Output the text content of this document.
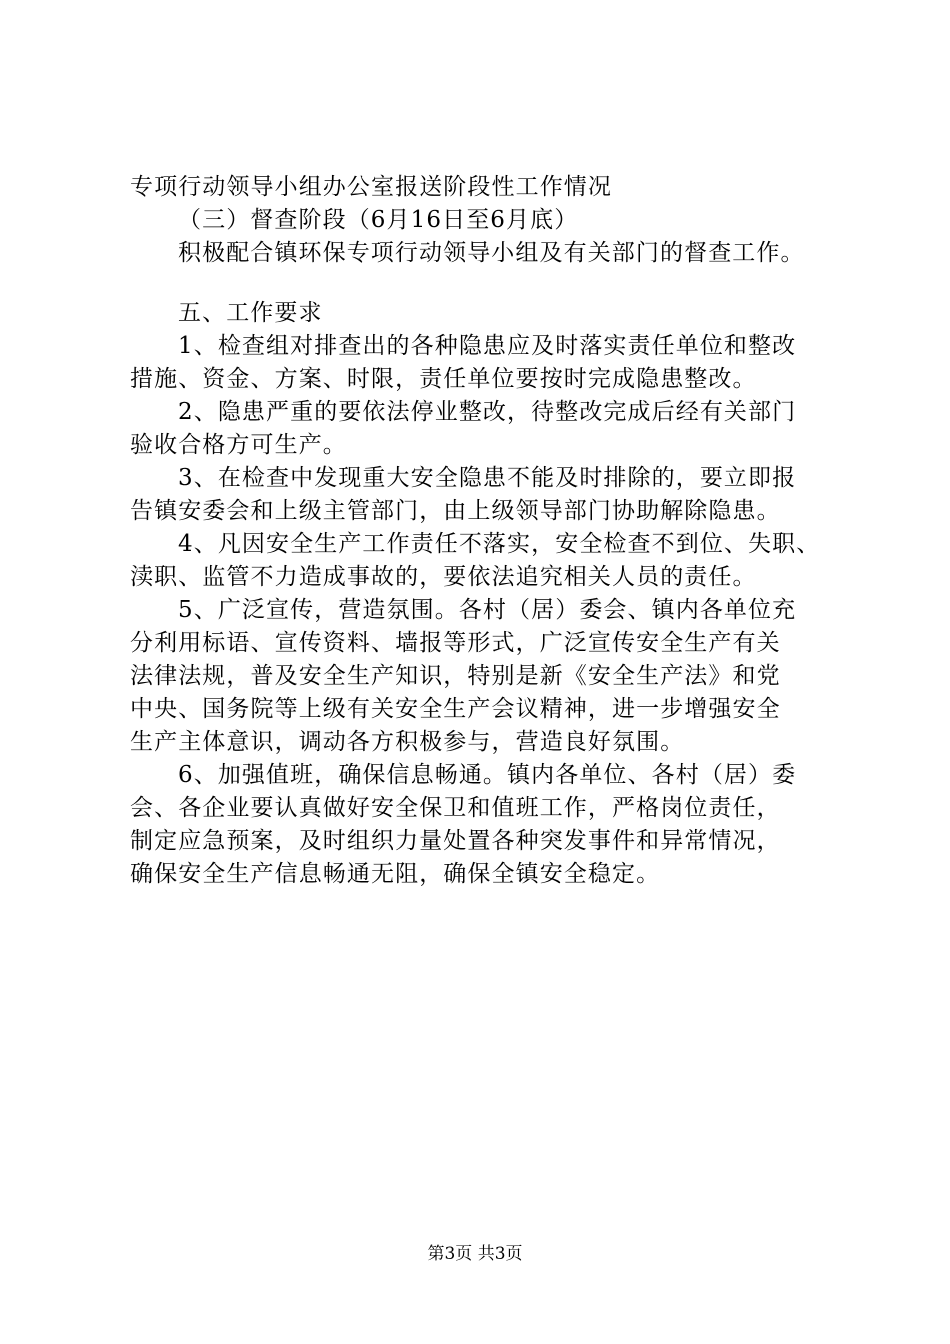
专项行动领导小组办公室报送阶段性工作情况
（三）督查阶段（6月16日至6月底）
积极配合镇环保专项行动领导小组及有关部门的督查工作。
五、工作要求
1、检查组对排查出的各种隐患应及时落实责任单位和整改
措施、资金、方案、时限，责任单位要按时完成隐患整改。
2、隐患严重的要依法停业整改，待整改完成后经有关部门
验收合格方可生产。
3、在检查中发现重大安全隐患不能及时排除的，要立即报
告镇安委会和上级主管部门，由上级领导部门协助解除隐患。
4、凡因安全生产工作责任不落实，安全检查不到位、失职、
渎职、监管不力造成事故的，要依法追究相关人员的责任。
5、广泛宣传，营造氛围。各村（居）委会、镇内各单位充
分利用标语、宣传资料、墙报等形式，广泛宣传安全生产有关
法律法规，普及安全生产知识，特别是新《安全生产法》和党
中央、国务院等上级有关安全生产会议精神，进一步增强安全
生产主体意识，调动各方积极参与，营造良好氛围。
6、加强值班，确保信息畅通。镇内各单位、各村（居）委
会、各企业要认真做好安全保卫和值班工作，严格岗位责任，
制定应急预案，及时组织力量处置各种突发事件和异常情况，
确保安全生产信息畅通无阻，确保全镇安全稳定。
第3页 共3页
